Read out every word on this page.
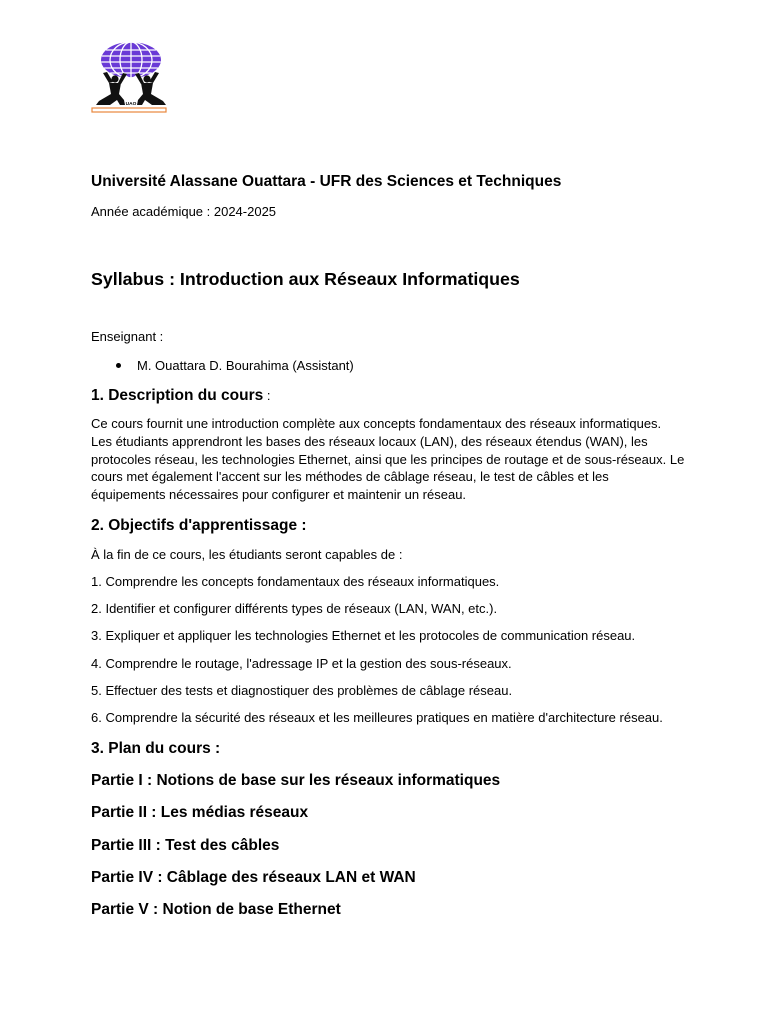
UAO
Université Alassane Ouattara - UFR des Sciences et Techniques
Année académique : 2024-2025
Syllabus : Introduction aux Réseaux Informatiques
Enseignant :
M. Ouattara D. Bourahima (Assistant)
1. Description du cours :
Ce cours fournit une introduction complète aux concepts fondamentaux des réseaux informatiques.
Les étudiants apprendront les bases des réseaux locaux (LAN), des réseaux étendus (WAN), les
protocoles réseau, les technologies Ethernet, ainsi que les principes de routage et de sous-réseaux. Le
cours met également l'accent sur les méthodes de câblage réseau, le test de câbles et les
équipements nécessaires pour configurer et maintenir un réseau.
2. Objectifs d'apprentissage :
À la fin de ce cours, les étudiants seront capables de :
1. Comprendre les concepts fondamentaux des réseaux informatiques.
2. Identifier et configurer différents types de réseaux (LAN, WAN, etc.).
3. Expliquer et appliquer les technologies Ethernet et les protocoles de communication réseau.
4. Comprendre le routage, l'adressage IP et la gestion des sous-réseaux.
5. Effectuer des tests et diagnostiquer des problèmes de câblage réseau.
6. Comprendre la sécurité des réseaux et les meilleures pratiques en matière d'architecture réseau.
3. Plan du cours :
Partie I : Notions de base sur les réseaux informatiques
Partie II : Les médias réseaux
Partie III : Test des câbles
Partie IV : Câblage des réseaux LAN et WAN
Partie V : Notion de base Ethernet
